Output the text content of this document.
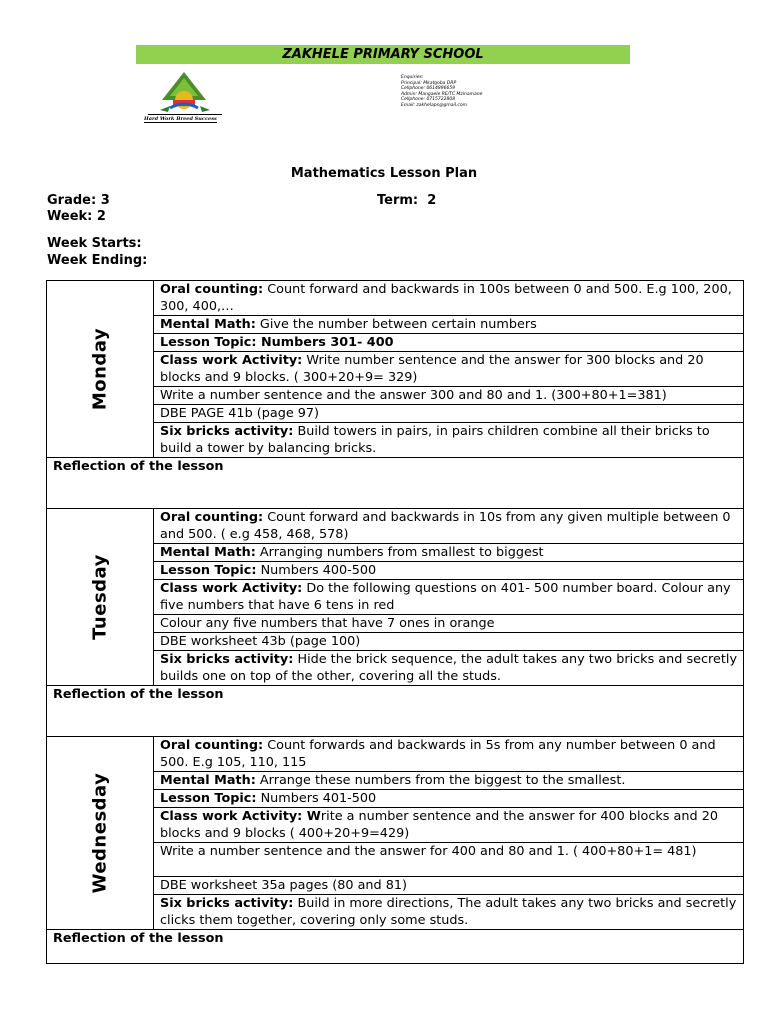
ZAKHELE PRIMARY SCHOOL
Hard Work Breed Success
Enquiries:
Principal: Mkatgoba DRP
Cellphone: 0614896659
Admin: Mangaele RE/TC Mzinamane
Cellphone: 0715722808
Email: zakhelaps@gmail.com
Mathematics Lesson Plan
Grade: 3	Term: 2
Week: 2
Week Starts:
Week Ending:
Monday	Oral counting: Count forward and backwards in 100s between 0 and 500. E.g 100, 200, 300, 400,…
	Mental Math: Give the number between certain numbers
	Lesson Topic: Numbers 301- 400
	Class work Activity: Write number sentence and the answer for 300 blocks and 20 blocks and 9 blocks. ( 300+20+9= 329)
	Write a number sentence and the answer 300 and 80 and 1. (300+80+1=381)
	DBE PAGE 41b (page 97)
	Six bricks activity: Build towers in pairs, in pairs children combine all their bricks to build a tower by balancing bricks.
Reflection of the lesson	

Tuesday	Oral counting: Count forward and backwards in 10s from any given multiple between 0 and 500. ( e.g 458, 468, 578)
	Mental Math: Arranging numbers from smallest to biggest
	Lesson Topic: Numbers 400-500
	Class work Activity: Do the following questions on 401- 500 number board. Colour any five numbers that have 6 tens in red
	Colour any five numbers that have 7 ones in orange
	DBE worksheet 43b (page 100)
	Six bricks activity: Hide the brick sequence, the adult takes any two bricks and secretly builds one on top of the other, covering all the studs.
Reflection of the lesson	

Wednesday	Oral counting: Count forwards and backwards in 5s from any number between 0 and 500. E.g 105, 110, 115
	Mental Math: Arrange these numbers from the biggest to the smallest.
	Lesson Topic: Numbers 401-500
	Class work Activity: Write a number sentence and the answer for 400 blocks and 20 blocks and 9 blocks ( 400+20+9=429)
	Write a number sentence and the answer for 400 and 80 and 1. ( 400+80+1= 481)
	DBE worksheet 35a pages (80 and 81)
	Six bricks activity: Build in more directions, The adult takes any two bricks and secretly clicks them together, covering only some studs.
Reflection of the lesson	
